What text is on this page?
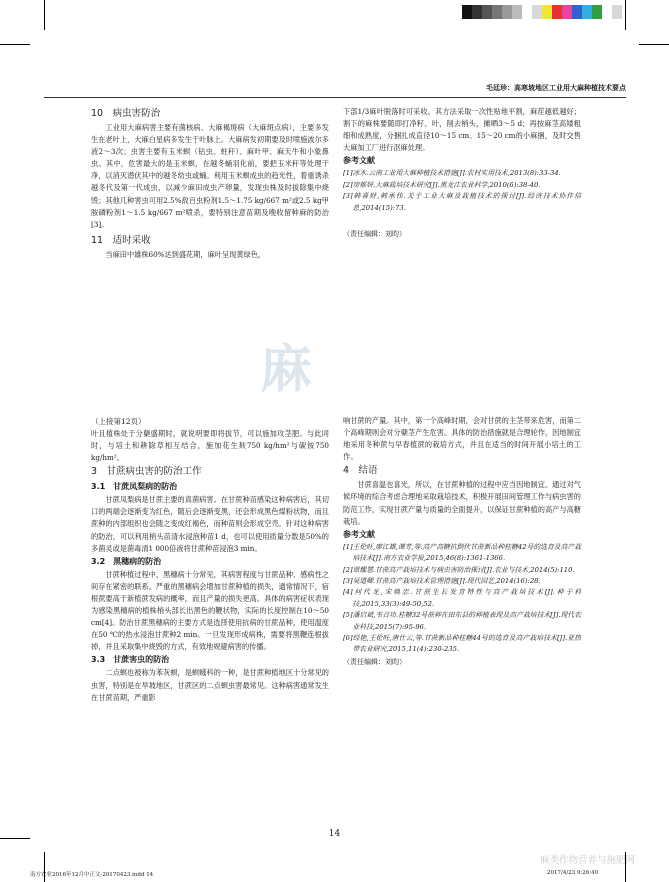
毛廷珍：高寒坡地区工业用大麻种植技术要点
麻

10　病虫害防治

工业用大麻病害主要有菌核病、大麻褐斑病（大麻斑点病），主要多发生在老叶上，大麻白星病多发生于叶脉上。大麻病发初期要及时喷施波尔多液2～3次；虫害主要有玉米螟（钻虫、蛀秆）、麻叶甲、麻天牛和小象鼻虫。其中，危害最大的是玉米螟，在越冬蛹羽化前，要把玉米秆等处理干净，以消灭潜伏其中的越冬幼虫或蛹。利用玉米螟成虫的趋光性，着重诱杀越冬代及第一代成虫，以减少麻田成虫产卵量，发现虫株及时拔除集中烧毁；其他几种害虫可用2.5%敌百虫粉剂1.5～1.75 kg/667 m²或2.5 kg甲胺磷粉剂1～1.5 kg/667 m²喷杀，要特别注意苗期及晚收留种麻的防治[3]。

11　适时采收

当麻田中雄株60%达到盛花期，麻叶呈现黄绿色，

下部1/3麻叶脱落时可采收。其方法采取一次性贴地平割，麻茬越低越好；割下的麻株要随即打净籽、叶，削去梢头，摊晒3～5 d；再按麻茎高矮粗细和成熟度，分捆扎成直径10～15 cm、15～20 cm的小麻捆，及时交售大麻加工厂进行沤麻处理。

参考文献

[1]冰木.云南工业用大麻种植技术措施[J].农村实用技术,2013(8):33-34.

[2]房郁妍.大麻栽培技术研究[J].黑龙江农业科学,2010(6):38-40.

[3]韩喜财,韩承伟.关于工业大麻及栽植技术的探讨[J].经济技术协作信息,2014(15):73.

（责任编辑：刘昀）

（上接第12页）

叶且植株处于分蘖盛期时，就说明要即将拔节，可以施加攻茎肥。与此同时，与培土和耕除草相互结合，施加花生麸750 kg/hm²与碳铵750 kg/hm²。

3　甘蔗病虫害的防治工作

3.1　甘蔗凤梨病的防治

甘蔗凤梨病是甘蔗主要的真菌病害。在甘蔗种苗感染这种病害后，其切口的两端会逐渐变为红色，随后会逐渐变黑，还会形成黑色煤粉状物，而且蔗种的内部组织也会随之变成红褐色，而种苗则会形成空壳。针对这种病害的防治，可以利用梢头苗清水浸泡种苗1 d，也可以使用质量分数是50%的多菌灵或是菌毒清1 000倍液将甘蔗种苗浸泡3 min。

3.2　黑穗病的防治

甘蔗种植过程中，黑穗病十分常见，其病害程度与甘蔗品种、感病性之间存在紧密的联系。严重的黑穗病会增加甘蔗种植的损失，通常情况下，宿根蔗要高于新植蔗发病的概率，而且产量的损失更高。具体的病害症状表现为感染黑穗病的植株梢头部长出黑色的鞭状物，实际的长度控制在10～50 cm[4]。防治甘蔗黑穗病的主要方式是选择使用抗病的甘蔗品种，使用温度在50 ℃的热水浸泡甘蔗种2 min。一旦发现形成病株，需要将黑鞭连根拔掉，并且采取集中烧毁的方式，有效地规避病害的传播。

3.3　甘蔗害虫的防治

二点螟也被称为苯灰螟，是螟蛾科的一种，是甘蔗种植地区十分常见的虫害，特别是在旱坡地区，甘蔗区的二点螟虫害最常见。这种病害通常发生在甘蔗苗期，严重影

响甘蔗的产量。其中，第一个高峰时期，会对甘蔗的主茎带来危害，而第二个高峰期则会对分蘖茎产生危害。具体的防治措施就是合理轮作，因地制宜地采用冬种蔗与早春植蔗的栽培方式，并且在适当的时间开展小培土的工作。

4　结语

甘蔗喜温也喜光，所以，在甘蔗种植的过程中应当因地制宜。通过对气候环境的综合考虑合理地采取栽培技术，积极开展田间管理工作与病虫害的防范工作，实现甘蔗产量与质量的全面提升，以保证甘蔗种植的高产与高糖栽培。

参考文献

[1]王伦旺,廖江雄,谭芳,等.高产高糖抗倒伏甘蔗新品种桂糖42号的选育及高产栽培技术[J].南方农业学报,2015,46(8):1361-1366.

[2]覃耀慧.甘蔗高产栽培技术与病虫害防治探讨[J].农业与技术,2014(5):110.

[3]吴道卿.甘蔗高产栽培技术管理措施[J].现代园艺,2014(16):28.

[4]何代龙,宋焕忠.甘蔗生长发育特性与高产栽培技术[J].种子科技,2015,33(3):49-50,52.

[5]潘启斌,韦召功.桂糖32号蔗种在田东县的种植表现及高产栽培技术[J].现代农业科技,2015(7):95-96.

[6]经艳,王伦旺,唐仕云,等.甘蔗新品种桂糖44号的选育及高产栽培技术[J].亚热带农业研究,2015,11(4):230-235.

（责任编辑：刘昀）

14
麻类作物营养与施肥网
南方农业2016年12月中正文-20170423.indd 14	2017/4/23 9:26:40
